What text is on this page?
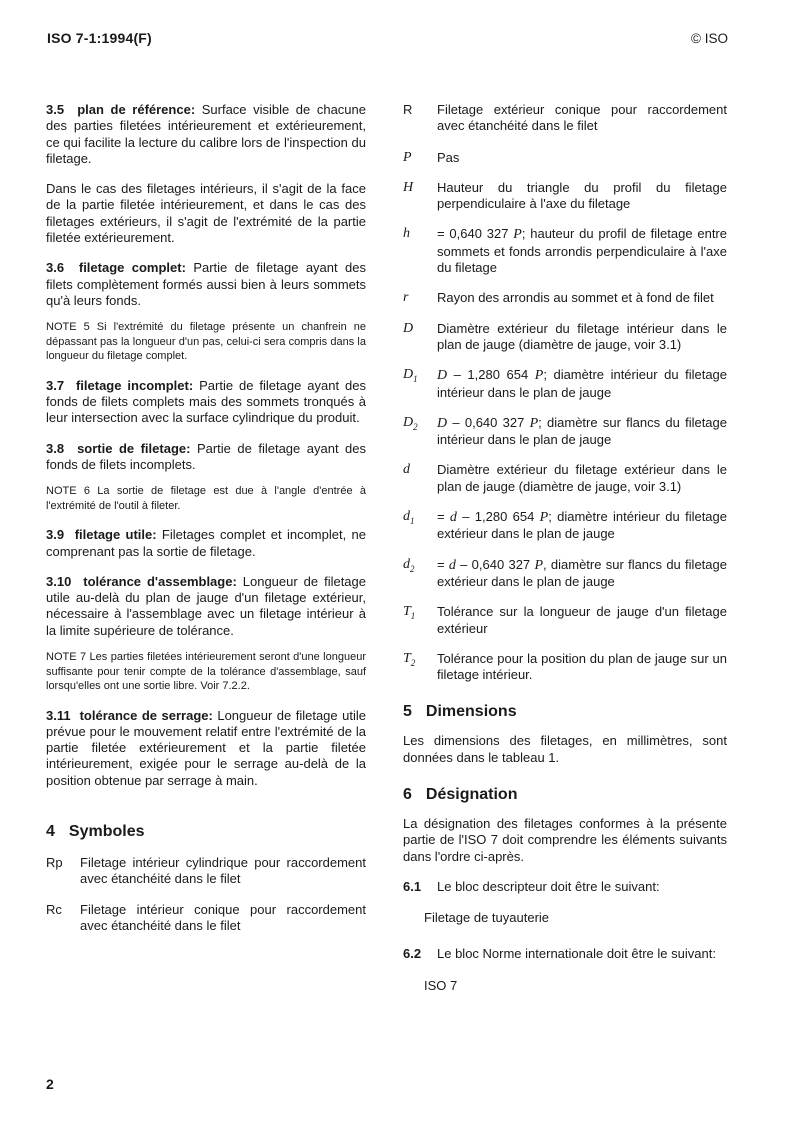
ISO 7-1:1994(F)	© ISO

3.5 plan de référence: Surface visible de chacune des parties filetées intérieurement et extérieurement, ce qui facilite la lecture du calibre lors de l'inspection du filetage.

Dans le cas des filetages intérieurs, il s'agit de la face de la partie filetée intérieurement, et dans le cas des filetages extérieurs, il s'agit de l'extrémité de la partie filetée extérieurement.

3.6 filetage complet: Partie de filetage ayant des filets complètement formés aussi bien à leurs sommets qu'à leurs fonds.

NOTE 5 Si l'extrémité du filetage présente un chanfrein ne dépassant pas la longueur d'un pas, celui-ci sera compris dans la longueur du filetage complet.

3.7 filetage incomplet: Partie de filetage ayant des fonds de filets complets mais des sommets tronqués à leur intersection avec la surface cylindrique du produit.

3.8 sortie de filetage: Partie de filetage ayant des fonds de filets incomplets.

NOTE 6 La sortie de filetage est due à l'angle d'entrée à l'extrémité de l'outil à fileter.

3.9 filetage utile: Filetages complet et incomplet, ne comprenant pas la sortie de filetage.

3.10 tolérance d'assemblage: Longueur de filetage utile au-delà du plan de jauge d'un filetage extérieur, nécessaire à l'assemblage avec un filetage intérieur à la limite supérieure de tolérance.

NOTE 7 Les parties filetées intérieurement seront d'une longueur suffisante pour tenir compte de la tolérance d'assemblage, sauf lorsqu'elles ont une sortie libre. Voir 7.2.2.

3.11 tolérance de serrage: Longueur de filetage utile prévue pour le mouvement relatif entre l'extrémité de la partie filetée extérieurement et la partie filetée intérieurement, exigée pour le serrage au-delà de la position obtenue par serrage à main.

4 Symboles
Rp	Filetage intérieur cylindrique pour raccordement avec étanchéité dans le filet
Rc	Filetage intérieur conique pour raccordement avec étanchéité dans le filet
R	Filetage extérieur conique pour raccordement avec étanchéité dans le filet
P	Pas
H	Hauteur du triangle du profil du filetage perpendiculaire à l'axe du filetage
h	= 0,640 327 P; hauteur du profil de filetage entre sommets et fonds arrondis perpendiculaire à l'axe du filetage
r	Rayon des arrondis au sommet et à fond de filet
D	Diamètre extérieur du filetage intérieur dans le plan de jauge (diamètre de jauge, voir 3.1)
$D_1$	D – 1,280 654 P; diamètre intérieur du filetage intérieur dans le plan de jauge
$D_2$	D – 0,640 327 P; diamètre sur flancs du filetage intérieur dans le plan de jauge
d	Diamètre extérieur du filetage extérieur dans le plan de jauge (diamètre de jauge, voir 3.1)
$d_1$	= d – 1,280 654 P; diamètre intérieur du filetage extérieur dans le plan de jauge
$d_2$	= d – 0,640 327 P, diamètre sur flancs du filetage extérieur dans le plan de jauge
$T_1$	Tolérance sur la longueur de jauge d'un filetage extérieur
$T_2$	Tolérance pour la position du plan de jauge sur un filetage intérieur.
5 Dimensions

Les dimensions des filetages, en millimètres, sont données dans le tableau 1.

6 Désignation

La désignation des filetages conformes à la présente partie de l'ISO 7 doit comprendre les éléments suivants dans l'ordre ci-après.

6.1	Le bloc descripteur doit être le suivant:
Filetage de tuyauterie
6.2	Le bloc Norme internationale doit être le suivant:
ISO 7
2
